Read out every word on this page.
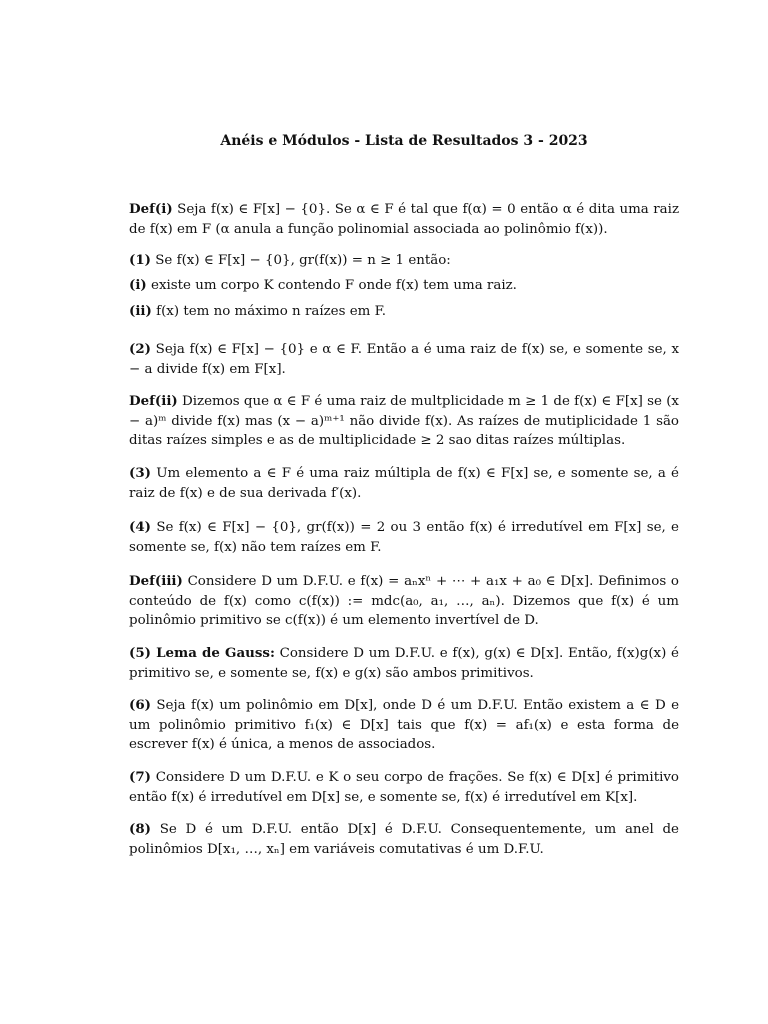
Anéis e Módulos - Lista de Resultados 3 - 2023
Def(i) Seja f(x) ∈ F[x] − {0}. Se α ∈ F é tal que f(α) = 0 então α é dita uma raiz de f(x) em F (α anula a função polinomial associada ao polinômio f(x)).
(1) Se f(x) ∈ F[x] − {0}, gr(f(x)) = n ≥ 1 então:
(i) existe um corpo K contendo F onde f(x) tem uma raiz.
(ii) f(x) tem no máximo n raízes em F.
(2) Seja f(x) ∈ F[x] − {0} e α ∈ F. Então a é uma raiz de f(x) se, e somente se, x − a divide f(x) em F[x].
Def(ii) Dizemos que α ∈ F é uma raiz de multplicidade m ≥ 1 de f(x) ∈ F[x] se (x − a)ᵐ divide f(x) mas (x − a)ᵐ⁺¹ não divide f(x). As raízes de mutiplicidade 1 são ditas raízes simples e as de multiplicidade ≥ 2 sao ditas raízes múltiplas.
(3) Um elemento a ∈ F é uma raiz múltipla de f(x) ∈ F[x] se, e somente se, a é raiz de f(x) e de sua derivada f′(x).
(4) Se f(x) ∈ F[x] − {0}, gr(f(x)) = 2 ou 3 então f(x) é irredutível em F[x] se, e somente se, f(x) não tem raízes em F.
Def(iii) Considere D um D.F.U. e f(x) = aₙxⁿ + ⋯ + a₁x + a₀ ∈ D[x]. Definimos o conteúdo de f(x) como c(f(x)) := mdc(a₀, a₁, …, aₙ). Dizemos que f(x) é um polinômio primitivo se c(f(x)) é um elemento invertível de D.
(5) Lema de Gauss: Considere D um D.F.U. e f(x), g(x) ∈ D[x]. Então, f(x)g(x) é primitivo se, e somente se, f(x) e g(x) são ambos primitivos.
(6) Seja f(x) um polinômio em D[x], onde D é um D.F.U. Então existem a ∈ D e um polinômio primitivo f₁(x) ∈ D[x] tais que f(x) = af₁(x) e esta forma de escrever f(x) é única, a menos de associados.
(7) Considere D um D.F.U. e K o seu corpo de frações. Se f(x) ∈ D[x] é primitivo então f(x) é irredutível em D[x] se, e somente se, f(x) é irredutível em K[x].
(8) Se D é um D.F.U. então D[x] é D.F.U. Consequentemente, um anel de polinômios D[x₁, …, xₙ] em variáveis comutativas é um D.F.U.
